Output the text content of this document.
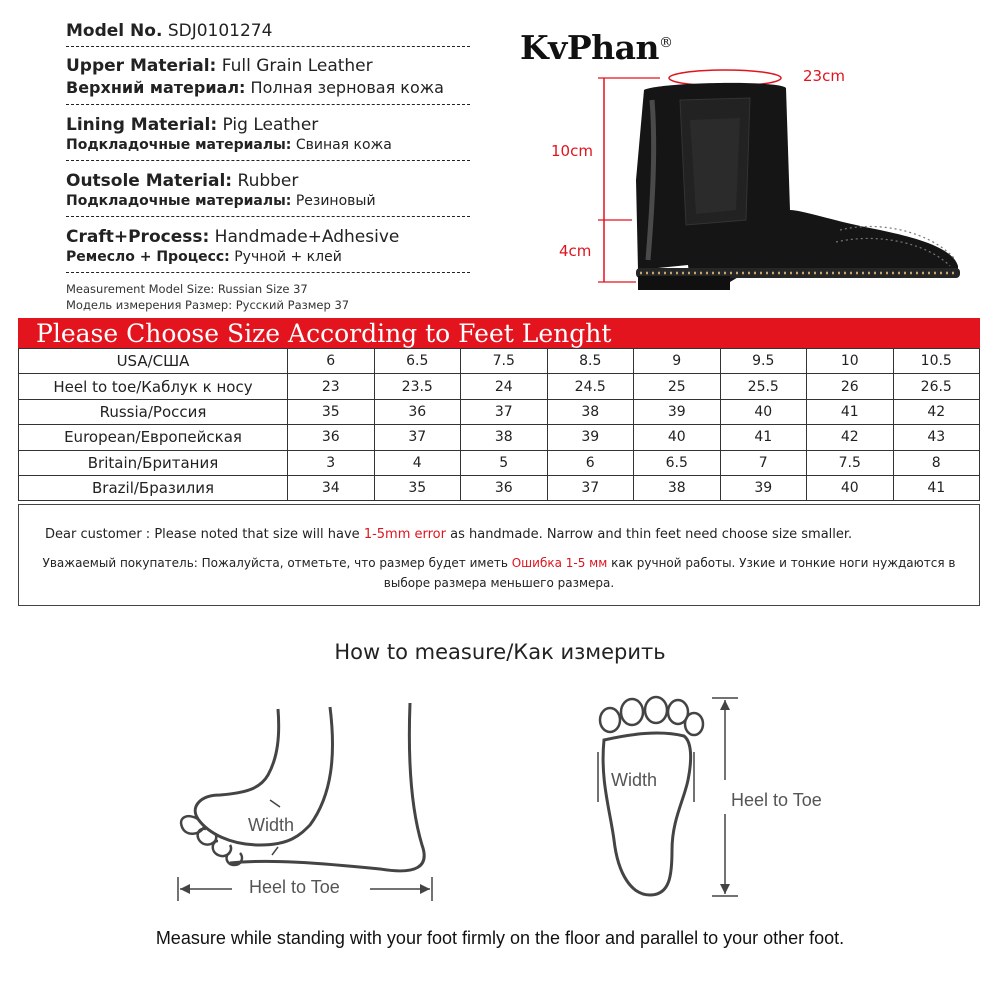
Model No. SDJ0101274
Upper Material: Full Grain Leather
Верхний материал: Полная зерновая кожа
Lining Material: Pig Leather
Подкладочные материалы: Свиная кожа
Outsole Material: Rubber
Подкладочные материалы: Резиновый
Craft+Process: Handmade+Adhesive
Ремесло + Процесс: Ручной + клей
Measurement Model Size: Russian Size 37
Модель измерения Размер: Русский Размер 37
KvPhan®
23cm
10cm
4cm
Please Choose Size According to Feet Lenght
USA/CША	6	6.5	7.5	8.5	9	9.5	10	10.5
Heel to toe/Каблук к носу	23	23.5	24	24.5	25	25.5	26	26.5
Russia/Россия	35	36	37	38	39	40	41	42
European/Европейская	36	37	38	39	40	41	42	43
Britain/Британия	3	4	5	6	6.5	7	7.5	8
Brazil/Бразилия	34	35	36	37	38	39	40	41
Dear customer : Please noted that size will have 1-5mm error as handmade. Narrow and thin feet need choose size smaller.
Уважаемый покупатель: Пожалуйста, отметьте, что размер будет иметь Ошибка 1-5 мм как ручной работы. Узкие и тонкие ноги нуждаются в выборе размера меньшего размера.
How to measure/Как измерить
Width
Heel to Toe
Width
Heel to Toe
Measure while standing with your foot firmly on the floor and parallel to your other foot.
